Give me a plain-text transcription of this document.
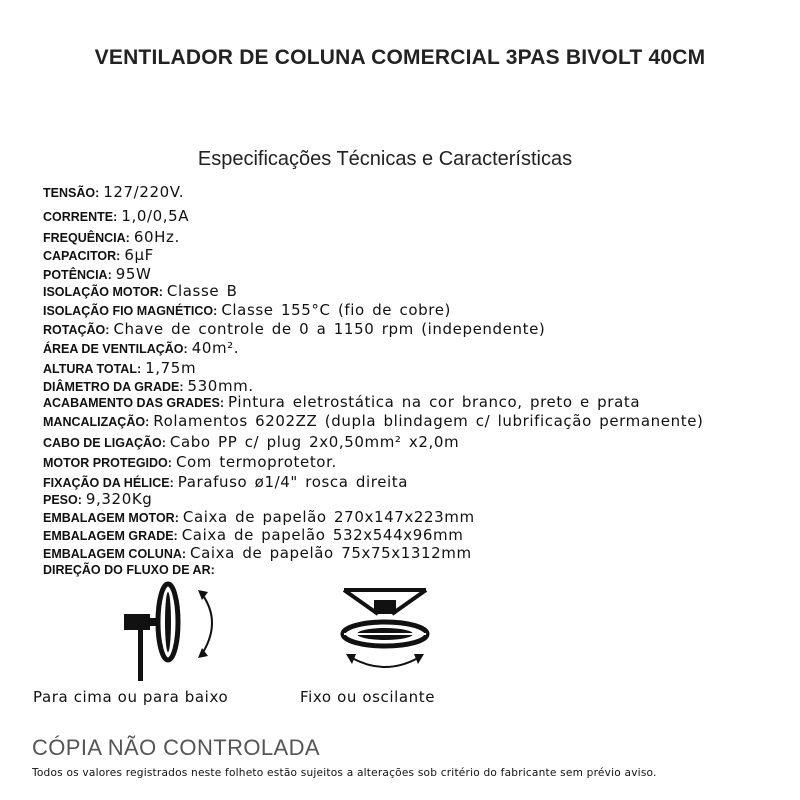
VENTILADOR DE COLUNA COMERCIAL 3PAS BIVOLT 40CM
Especificações Técnicas e Características
TENSÃO: 127/220V.
CORRENTE: 1,0/0,5A
FREQUÊNCIA: 60Hz.
CAPACITOR: 6µF
POTÊNCIA: 95W
ISOLAÇÃO MOTOR: Classe B
ISOLAÇÃO FIO MAGNÉTICO: Classe 155°C (fio de cobre)
ROTAÇÃO: Chave de controle de 0 a 1150 rpm (independente)
ÁREA DE VENTILAÇÃO: 40m².
ALTURA TOTAL: 1,75m
DIÂMETRO DA GRADE: 530mm.
ACABAMENTO DAS GRADES: Pintura eletrostática na cor branco, preto e prata
MANCALIZAÇÃO: Rolamentos 6202ZZ (dupla blindagem c/ lubrificação permanente)
CABO DE LIGAÇÃO: Cabo PP c/ plug 2x0,50mm² x2,0m
MOTOR PROTEGIDO: Com termoprotetor.
FIXAÇÃO DA HÉLICE: Parafuso ø1/4" rosca direita
PESO: 9,320Kg
EMBALAGEM MOTOR: Caixa de papelão 270x147x223mm
EMBALAGEM GRADE: Caixa de papelão 532x544x96mm
EMBALAGEM COLUNA: Caixa de papelão 75x75x1312mm
DIREÇÃO DO FLUXO DE AR:
Para cima ou para baixo	Fixo ou oscilante
CÓPIA NÃO CONTROLADA
Todos os valores registrados neste folheto estão sujeitos a alterações sob critério do fabricante sem prévio aviso.
